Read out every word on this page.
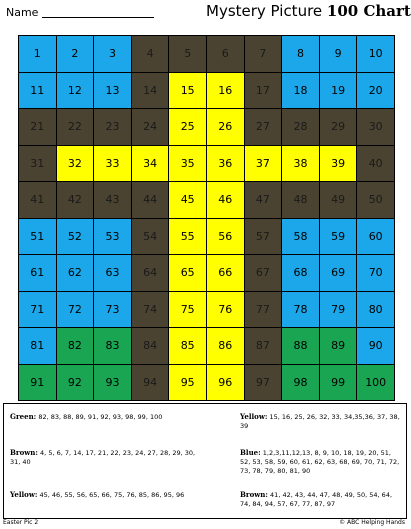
Name	Mystery Picture 100 Chart
1	2	3	4	5	6	7	8	9	10
11	12	13	14	15	16	17	18	19	20
21	22	23	24	25	26	27	28	29	30
31	32	33	34	35	36	37	38	39	40
41	42	43	44	45	46	47	48	49	50
51	52	53	54	55	56	57	58	59	60
61	62	63	64	65	66	67	68	69	70
71	72	73	74	75	76	77	78	79	80
81	82	83	84	85	86	87	88	89	90
91	92	93	94	95	96	97	98	99	100
Green: 82, 83, 88, 89, 91, 92, 93, 98, 99, 100
Brown: 4, 5, 6, 7, 14, 17, 21, 22, 23, 24, 27, 28, 29, 30, 31, 40
Yellow: 45, 46, 55, 56, 65, 66, 75, 76, 85, 86, 95, 96
Yellow: 15, 16, 25, 26, 32, 33, 34,35,36, 37, 38, 39
Blue: 1,2,3,11,12,13, 8, 9, 10, 18, 19, 20, 51, 52, 53, 58, 59, 60, 61, 62, 63, 68, 69, 70, 71, 72, 73, 78, 79, 80, 81, 90
Brown: 41, 42, 43, 44, 47, 48, 49, 50, 54, 64, 74, 84, 94, 57, 67, 77, 87, 97
Easter Pic 2	© ABC Helping Hands
